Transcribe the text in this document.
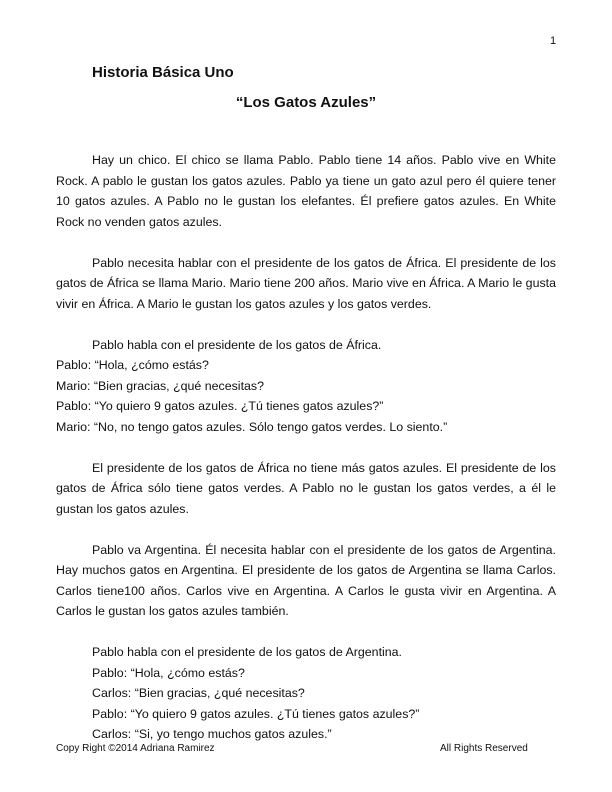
1
Historia Básica Uno
“Los Gatos Azules”

Hay un chico. El chico se llama Pablo. Pablo tiene 14 años. Pablo vive en White Rock. A pablo le gustan los gatos azules. Pablo ya tiene un gato azul pero él quiere tener 10 gatos azules. A Pablo no le gustan los elefantes. Él prefiere gatos azules. En White Rock no venden gatos azules.

Pablo necesita hablar con el presidente de los gatos de África. El presidente de los gatos de África se llama Mario. Mario tiene 200 años. Mario vive en África. A Mario le gusta vivir en África. A Mario le gustan los gatos azules y los gatos verdes.

Pablo habla con el presidente de los gatos de África.

Pablo: “Hola, ¿cómo estás?

Mario: “Bien gracias, ¿qué necesitas?

Pablo: “Yo quiero 9 gatos azules. ¿Tú tienes gatos azules?”

Mario: “No, no tengo gatos azules. Sólo tengo gatos verdes. Lo siento.”

El presidente de los gatos de África no tiene más gatos azules. El presidente de los gatos de África sólo tiene gatos verdes. A Pablo no le gustan los gatos verdes, a él le gustan los gatos azules.

Pablo va Argentina. Él necesita hablar con el presidente de los gatos de Argentina. Hay muchos gatos en Argentina. El presidente de los gatos de Argentina se llama Carlos. Carlos tiene100 años. Carlos vive en Argentina. A Carlos le gusta vivir en Argentina. A Carlos le gustan los gatos azules también.

Pablo habla con el presidente de los gatos de Argentina.

Pablo: “Hola, ¿cómo estás?

Carlos: “Bien gracias, ¿qué necesitas?

Pablo: “Yo quiero 9 gatos azules. ¿Tú tienes gatos azules?”

Carlos: “Si, yo tengo muchos gatos azules.”

Copy Right ©2014 Adriana Ramirez	All Rights Reserved
